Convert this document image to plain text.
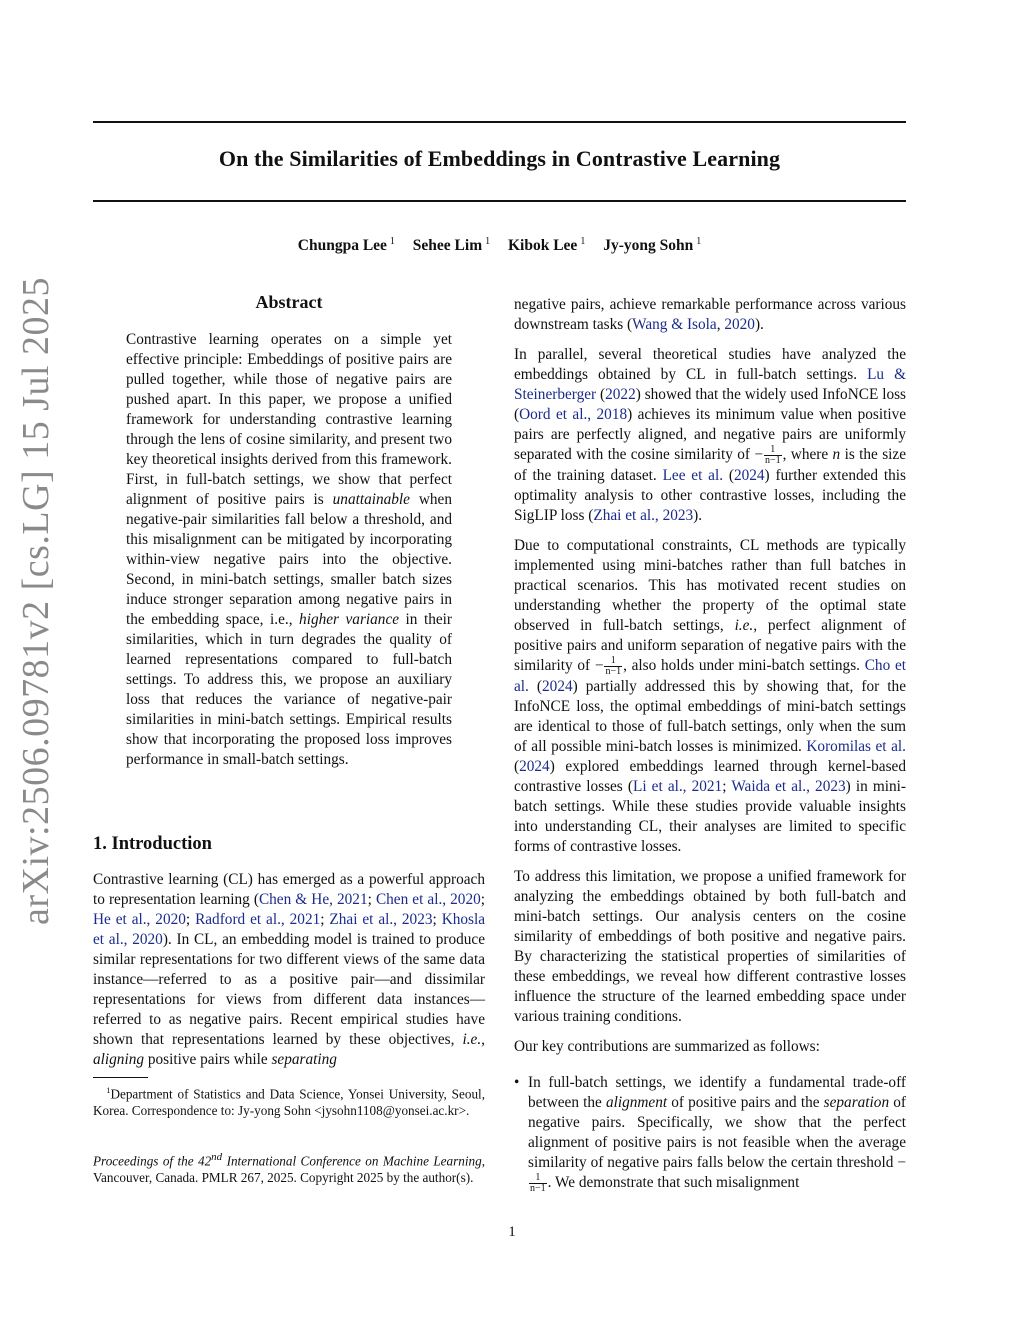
arXiv:2506.09781v2 [cs.LG] 15 Jul 2025
On the Similarities of Embeddings in Contrastive Learning
Chungpa Lee $^1$ Sehee Lim $^1$ Kibok Lee $^1$ Jy-yong Sohn $^1$
Abstract
Contrastive learning operates on a simple yet effective principle: Embeddings of positive pairs are pulled together, while those of negative pairs are pushed apart. In this paper, we propose a unified framework for understanding contrastive learning through the lens of cosine similarity, and present two key theoretical insights derived from this framework. First, in full-batch settings, we show that perfect alignment of positive pairs is unattainable when negative-pair similarities fall below a threshold, and this misalignment can be mitigated by incorporating within-view negative pairs into the objective. Second, in mini-batch settings, smaller batch sizes induce stronger separation among negative pairs in the embedding space, i.e., higher variance in their similarities, which in turn degrades the quality of learned representations compared to full-batch settings. To address this, we propose an auxiliary loss that reduces the variance of negative-pair similarities in mini-batch settings. Empirical results show that incorporating the proposed loss improves performance in small-batch settings.
1. Introduction

Contrastive learning (CL) has emerged as a powerful approach to representation learning (Chen & He, 2021; Chen et al., 2020; He et al., 2020; Radford et al., 2021; Zhai et al., 2023; Khosla et al., 2020). In CL, an embedding model is trained to produce similar representations for two different views of the same data instance—referred to as a positive pair—and dissimilar representations for views from different data instances—referred to as negative pairs. Recent empirical studies have shown that representations learned by these objectives, i.e., aligning positive pairs while separating

 $^1$Department of Statistics and Data Science, Yonsei University, Seoul, Korea. Correspondence to: Jy-yong Sohn <jysohn1108@yonsei.ac.kr>.
Proceedings of the 42nd International Conference on Machine Learning, Vancouver, Canada. PMLR 267, 2025. Copyright 2025 by the author(s).

negative pairs, achieve remarkable performance across various downstream tasks (Wang & Isola, 2020).

In parallel, several theoretical studies have analyzed the embeddings obtained by CL in full-batch settings. Lu & Steinerberger (2022) showed that the widely used InfoNCE loss (Oord et al., 2018) achieves its minimum value when positive pairs are perfectly aligned, and negative pairs are uniformly separated with the cosine similarity of − $\frac{1}{n-1}$ , where n is the size of the training dataset. Lee et al. (2024) further extended this optimality analysis to other contrastive losses, including the SigLIP loss (Zhai et al., 2023).

Due to computational constraints, CL methods are typically implemented using mini-batches rather than full batches in practical scenarios. This has motivated recent studies on understanding whether the property of the optimal state observed in full-batch settings, i.e., perfect alignment of positive pairs and uniform separation of negative pairs with the similarity of − $\frac{1}{n-1}$ , also holds under mini-batch settings. Cho et al. (2024) partially addressed this by showing that, for the InfoNCE loss, the optimal embeddings of mini-batch settings are identical to those of full-batch settings, only when the sum of all possible mini-batch losses is minimized. Koromilas et al. (2024) explored embeddings learned through kernel-based contrastive losses (Li et al., 2021; Waida et al., 2023) in mini-batch settings. While these studies provide valuable insights into understanding CL, their analyses are limited to specific forms of contrastive losses.

To address this limitation, we propose a unified framework for analyzing the embeddings obtained by both full-batch and mini-batch settings. Our analysis centers on the cosine similarity of embeddings of both positive and negative pairs. By characterizing the statistical properties of similarities of these embeddings, we reveal how different contrastive losses influence the structure of the learned embedding space under various training conditions.

Our key contributions are summarized as follows:

• In full-batch settings, we identify a fundamental trade-off between the alignment of positive pairs and the separation of negative pairs. Specifically, we show that the perfect alignment of positive pairs is not feasible when the average similarity of negative pairs falls below the certain threshold −
$\frac{1}{n-1}$ . We demonstrate that such misalignment
1
